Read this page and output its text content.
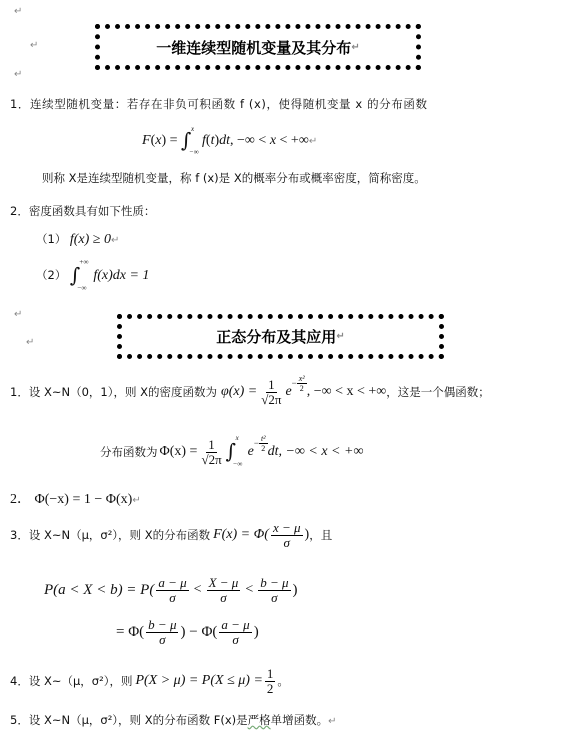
↵
↵
↵
一维连续型随机变量及其分布 ↵
1．连续型随机变量：若存在非负可积函数 f (x)，使得随机变量 x 的分布函数
F(x) = ∫ x
−∞
f(t)dt, −∞ < x < +∞↵
则称 X是连续型随机变量，称 f (x)是 X的概率分布或概率密度，简称密度。
2．密度函数具有如下性质：
（1） f(x) ≥ 0↵
（2） ∫
+∞
−∞
f(x)dx = 1
↵
↵	正态分布及其应用 ↵
1．设 X~N（0，1），则 X的密度函数为 $\varphi(x) = \frac{1}{√2\pi}$ e
− $\frac{\text{x²}}{2}$ , −∞ < x < +∞ ，这是一个偶函数；
分布函数为 $\Phi(x) = \frac{1}{√2\pi}$ ∫
x
−∞
e
− $\frac{\text{t²}}{2}$ dt, −∞ < x < +∞
2． Φ(−x) = 1 − Φ(x)↵
3．设 X~N（μ，σ²），则 X的分布函数 $F(x) = \Phi( \frac{x - \mu}{\sigma}$ ) ，且
$P(a < X < b) = P( \frac{a - \mu}{\sigma} < \frac{X - \mu}{\sigma} < \frac{b - \mu}{\sigma}$ )
= $\Phi( \frac{b - \mu}{\sigma}$ ) − $\Phi( \frac{a - \mu}{\sigma}$ )
4．设 X~（μ，σ²），则 $P(X > \mu) = P(X \le \mu) = \frac{1}{2}$ 。
5．设 X~N（μ，σ²），则 X的分布函数 F(x)是严格单增函数。↵
